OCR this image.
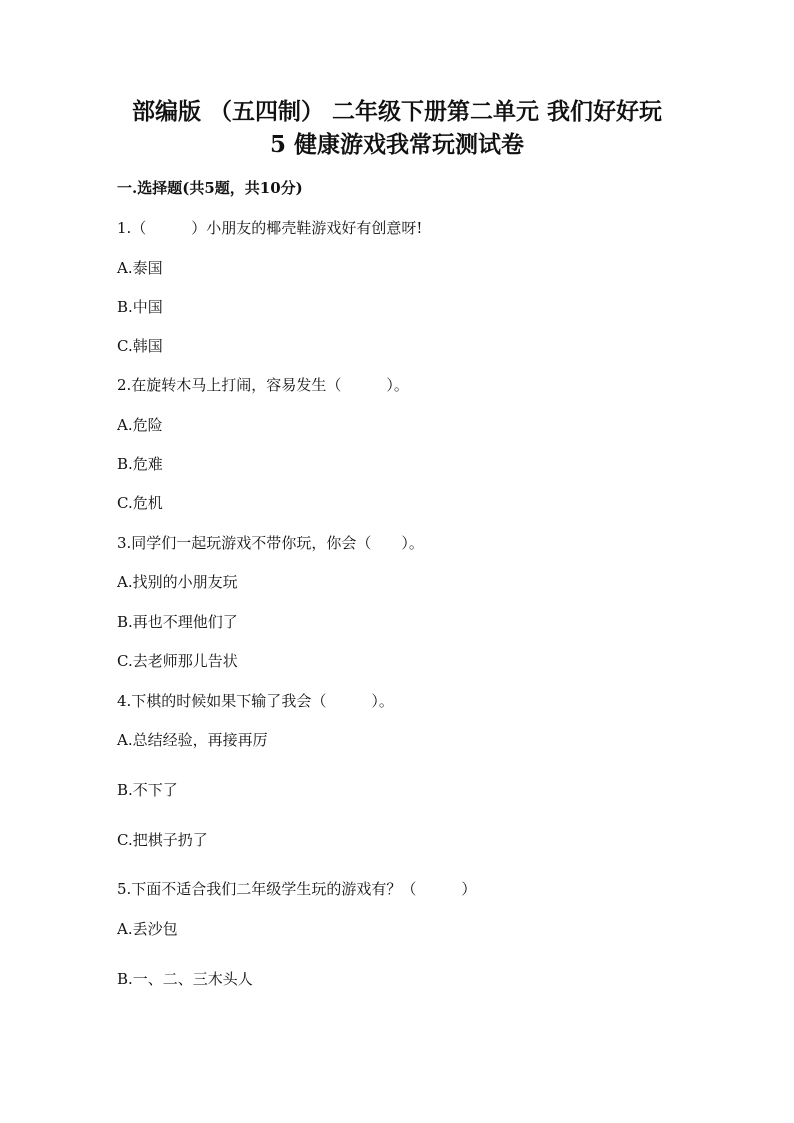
部编版 （五四制） 二年级下册第二单元 我们好好玩
5 健康游戏我常玩测试卷
一.选择题(共5题，共10分)
1.（　　　）小朋友的椰壳鞋游戏好有创意呀!
A.泰国
B.中国
C.韩国
2.在旋转木马上打闹，容易发生（　　　）。
A.危险
B.危难
C.危机
3.同学们一起玩游戏不带你玩，你会（　　）。
A.找别的小朋友玩
B.再也不理他们了
C.去老师那儿告状
4.下棋的时候如果下输了我会（　　　）。
A.总结经验，再接再厉
B.不下了
C.把棋子扔了
5.下面不适合我们二年级学生玩的游戏有？（　　　）
A.丢沙包
B.一、二、三木头人
